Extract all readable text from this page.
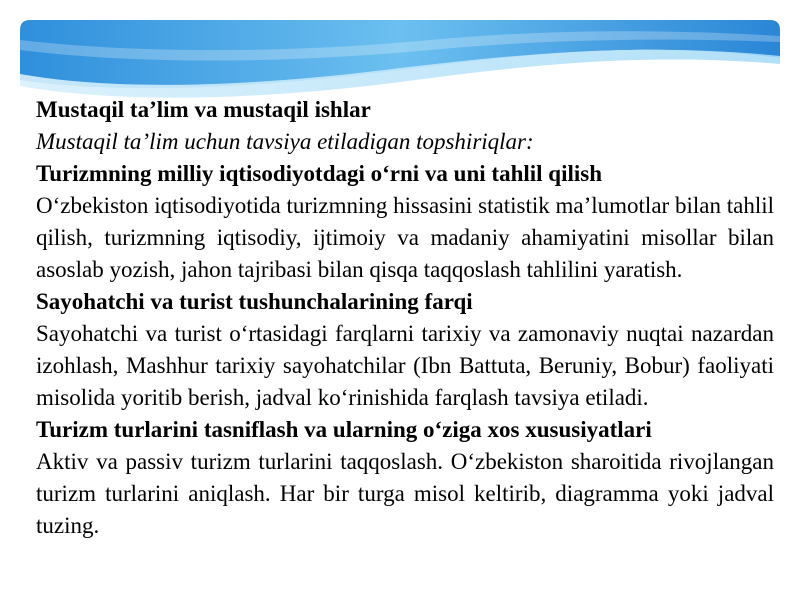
Mustaqil ta’lim va mustaqil ishlar

Mustaqil ta’lim uchun tavsiya etiladigan topshiriqlar:

Turizmning milliy iqtisodiyotdagi o‘rni va uni tahlil qilish

O‘zbekiston iqtisodiyotida turizmning hissasini statistik ma’lumotlar bilan tahlil qilish, turizmning iqtisodiy, ijtimoiy va madaniy ahamiyatini misollar bilan asoslab yozish, jahon tajribasi bilan qisqa taqqoslash tahlilini yaratish.

Sayohatchi va turist tushunchalarining farqi

Sayohatchi va turist o‘rtasidagi farqlarni tarixiy va zamonaviy nuqtai nazardan izohlash, Mashhur tarixiy sayohatchilar (Ibn Battuta, Beruniy, Bobur) faoliyati misolida yoritib berish, jadval ko‘rinishida farqlash tavsiya etiladi.

Turizm turlarini tasniflash va ularning o‘ziga xos xususiyatlari

Aktiv va passiv turizm turlarini taqqoslash. O‘zbekiston sharoitida rivojlangan turizm turlarini aniqlash. Har bir turga misol keltirib, diagramma yoki jadval tuzing.
